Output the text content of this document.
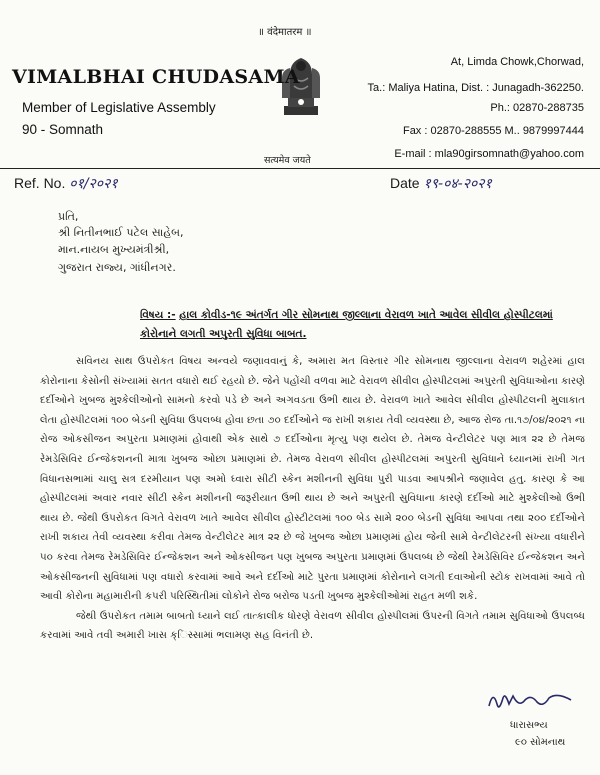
॥ वंदेमातरम ॥
सत्यमेव जयते
VIMALBHAI CHUDASAMA
Member of Legislative Assembly
90 - Somnath
At, Limda Chowk,Chorwad,
Ta.: Maliya Hatina, Dist. : Junagadh-362250.
Ph.: 02870-288735
Fax : 02870-288555 M.. 9879997444
E-mail : mla90girsomnath@yahoo.com
Ref. No. ०१/२०२१	Date १९-०४-२०२१
પ્રતિ,
શ્રી નિતીનભાઈ પટેલ સાહેબ,
માન.નાયબ મુખ્યમંત્રીશ્રી,
ગુજરાત રાજ્ય, ગાંધીનગર.
વિષય :- હાલ કોવીડ-૧૯ અંતર્ગત ગીર સોમનાથ જીલ્લાના વેરાવળ ખાતે આવેલ સીવીલ હોસ્પીટલમાં કોરોનાને લગતી અપુરતી સુવિધા બાબત.

સવિનય સાથ ઉપરોકત વિષય અન્વયે જણાવવાનું કે, અમારા મત વિસ્તાર ગીર સોમનાથ જીલ્લાના વેરાવળ શહેરમાં હાલ કોરોનાના કેસોની સંખ્યામાં સતત વધારો થઈ રહયો છે. જેને પહોંચી વળવા માટે વેરાવળ સીવીલ હોસ્પીટલમાં અપુરતી સુવિધાઓના કારણે દર્દીઓને ખુબજ મુશ્કેલીઓનો સામનો કરવો પડે છે અને અગવડતા ઉભી થાય છે. વેરાવળ ખાતે આવેલ સીવીલ હોસ્પીટલની મુલાકાત લેતા હોસ્પીટલમાં ૧૦૦ બેડની સુવિધા ઉપલબ્ધ હોવા છતા ૭૦ દર્દીઓને જ રાખી શકાય તેવી વ્યવસ્થા છે, આજ રોજ તા.૧૭/૦૪/૨૦૨૧ ના રોજ ઓકસીજન અપુરતા પ્રમાણમાં હોવાથી એક સાથે ૭ દર્દીઓના મૃત્યુ પણ થયેલ છે. તેમજ વેન્ટીલેટર પણ માત્ર ૨૨ છે તેમજ રેમડેસિવિર ઈન્જેકશનની માત્રા ખુબજ ઓછા પ્રમાણમાં છે. તેમજ વેરાવળ સીવીલ હોસ્પીટલમાં અપુરતી સુવિધાને ઘ્યાનમાં રાખી ગત વિધાનસભામાં ચાલુ સત્ર દરમીયાન પણ અમો ઘ્વારા સીટી સ્કેન મશીનની સુવિધા પુરી પાડવા આપશ્રીને જણાવેલ હતુ. કારણ કે આ હોસ્પીટલમાં અવાર નવાર સીટી સ્કેન મશીનની જરૂરીયાત ઉભી થાય છે અને અપુરતી સુવિધાના કારણે દર્દીઓ માટે મુશ્કેલીઓ ઉભી થાય છે. જેથી ઉપરોકત વિગતે વેરાવળ ખાતે આવેલ સીવીલ હોસ્ટીટલમાં ૧૦૦ બેડ સામે ૨૦૦ બેડની સુવિધા આપવા તથા ૨૦૦ દર્દીઓને રાખી શકાય તેવી વ્યવસ્થા કરીવા તેમજ વેન્ટીલેટર માત્ર ૨૨ છે જે ખુબજ ઓછા પ્રમાણમાં હોય જેની સામે વેન્ટીલેટરની સંખ્યા વધારીને ૫૦ કરવા તેમજ રેમડેસિવિર ઈન્જેકશન અને ઓકસીજન પણ ખુબજ અપુરતા પ્રમાણમાં ઉપલબ્ધ છે જેથી રેમડેસિવિર ઈન્જેકશન અને ઓકસીજનની સુવિધામાં પણ વધારો કરવામાં આવે અને દર્દીઓ માટે પુરતા પ્રમાણમાં કોરોનાને લગતી દવાઓની સ્ટોક રાખવામાં આવે તો આવી કોરોના મહામારીની કપરી પરિસ્થિતીમાં લોકોને રોજ બરોજ પડતી ખુબજ મુશ્કેલીઓમાં રાહત મળી શકે.

જેથી ઉપરોકત તમામ બાબતો ધ્યાને લઈ તાત્કાલીક ધોરણે વેરાવળ સીવીલ હોસ્પીલમાં ઉપરની વિગતે તમામ સુવિધાઓ ઉપલબ્ધ કરવામાં આવે તવી અમારી ખાસ ક્િસ્સામાં ભલામણ સહ વિનંતી છે.

ધારાસભ્ય
૯૦ સોમનાથ
